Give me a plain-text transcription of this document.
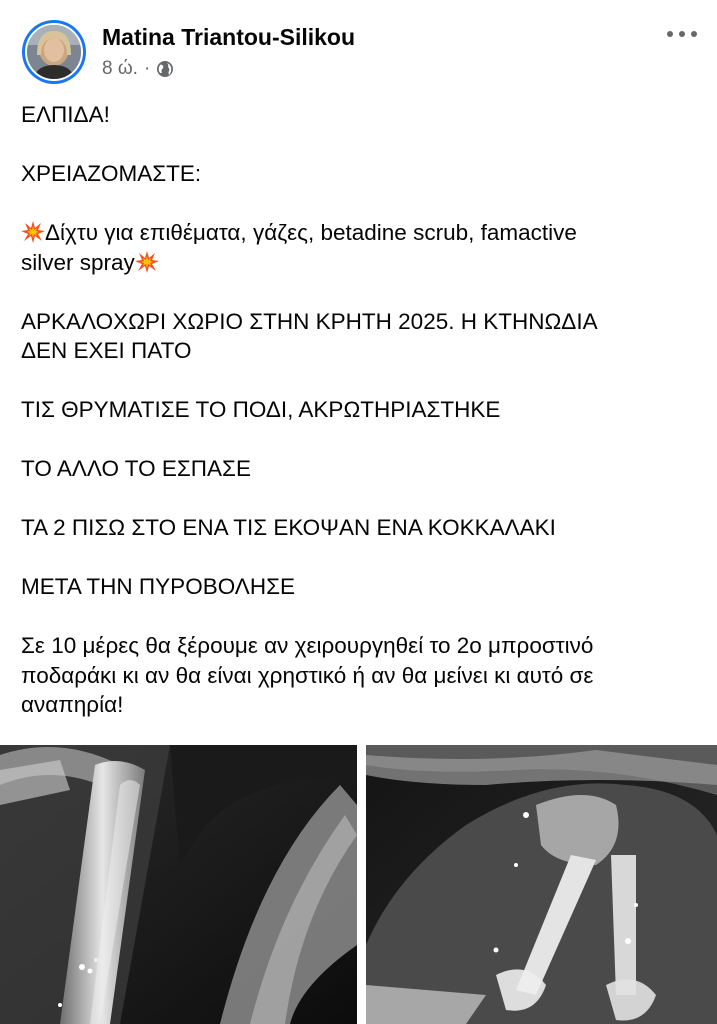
Matina Triantou-Silikou
8 ώ. ·

ΕΛΠΙΔΑ!

ΧΡΕΙΑΖΟΜΑΣΤΕ:

Δίχτυ για επιθέματα, γάζες, betadine scrub, famactive
silver spray

ΑΡΚΑΛΟΧΩΡΙ ΧΩΡΙΟ ΣΤΗΝ ΚΡΗΤΗ 2025. Η ΚΤΗΝΩΔΙΑ
ΔΕΝ ΕΧΕΙ ΠΑΤΟ

ΤΙΣ ΘΡΥΜΑΤΙΣΕ ΤΟ ΠΟΔΙ, ΑΚΡΩΤΗΡΙΑΣΤΗΚΕ

ΤΟ ΑΛΛΟ ΤΟ ΕΣΠΑΣΕ

ΤΑ 2 ΠΙΣΩ ΣΤΟ ΕΝΑ ΤΙΣ ΕΚΟΨΑΝ ΕΝΑ ΚΟΚΚΑΛΑΚΙ

ΜΕΤΑ ΤΗΝ ΠΥΡΟΒΟΛΗΣΕ

Σε 10 μέρες θα ξέρουμε αν χειρουργηθεί το 2ο μπροστινό
ποδαράκι κι αν θα είναι χρηστικό ή αν θα μείνει κι αυτό σε
αναπηρία!
